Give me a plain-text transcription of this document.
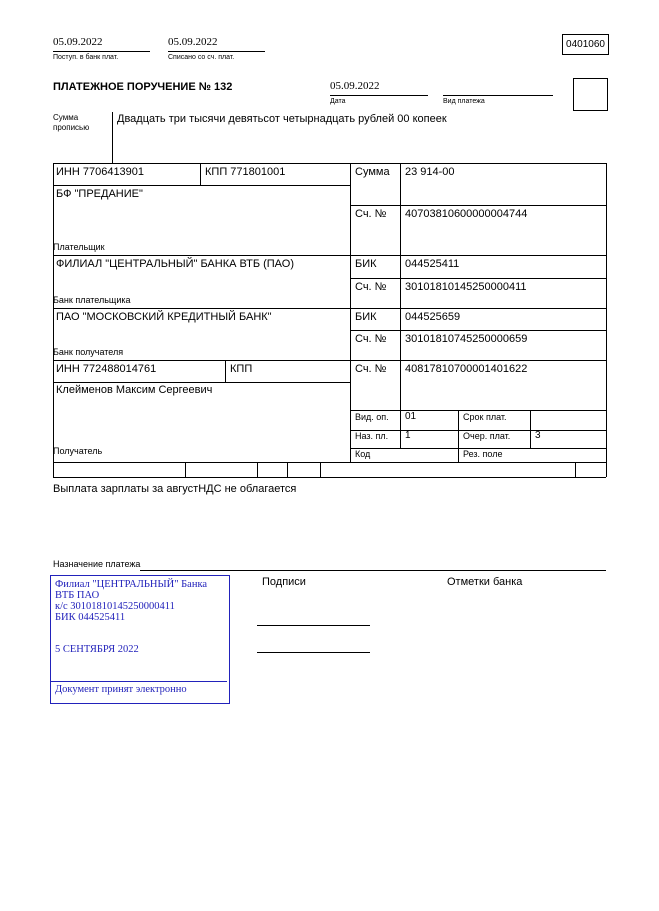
05.09.2022
Поступ. в банк плат.
05.09.2022
Списано со сч. плат.
0401060
ПЛАТЕЖНОЕ ПОРУЧЕНИЕ № 132	05.09.2022
Дата	Вид платежа
Сумма
прописью
Двадцать три тысячи девятьсот четырнадцать рублей 00 копеек
ИНН 7706413901	КПП 771801001	Сумма 23 914-00
БФ "ПРЕДАНИЕ"
Сч. № 40703810600000004744
Плательщик
ФИЛИАЛ "ЦЕНТРАЛЬНЫЙ" БАНКА ВТБ (ПАО)	БИК	044525411
Сч. № 30101810145250000411
Банк плательщика
ПАО "МОСКОВСКИЙ КРЕДИТНЫЙ БАНК"	БИК	044525659
Сч. № 30101810745250000659
Банк получателя
ИНН 772488014761	КПП	Сч. № 40817810700001401622
Клейменов Максим Сергеевич
Вид. оп. 01	Срок плат.
Наз. пл. 1	Очер. плат. 3
Код	Рез. поле
Получатель
Выплата зарплаты за августНДС не облагается
Назначение платежа
Подписи	Отметки банка
Филиал "ЦЕНТРАЛЬНЫЙ" Банка
ВТБ ПАО
к/с 30101810145250000411
БИК 044525411
5 СЕНТЯБРЯ 2022
Документ принят электронно
